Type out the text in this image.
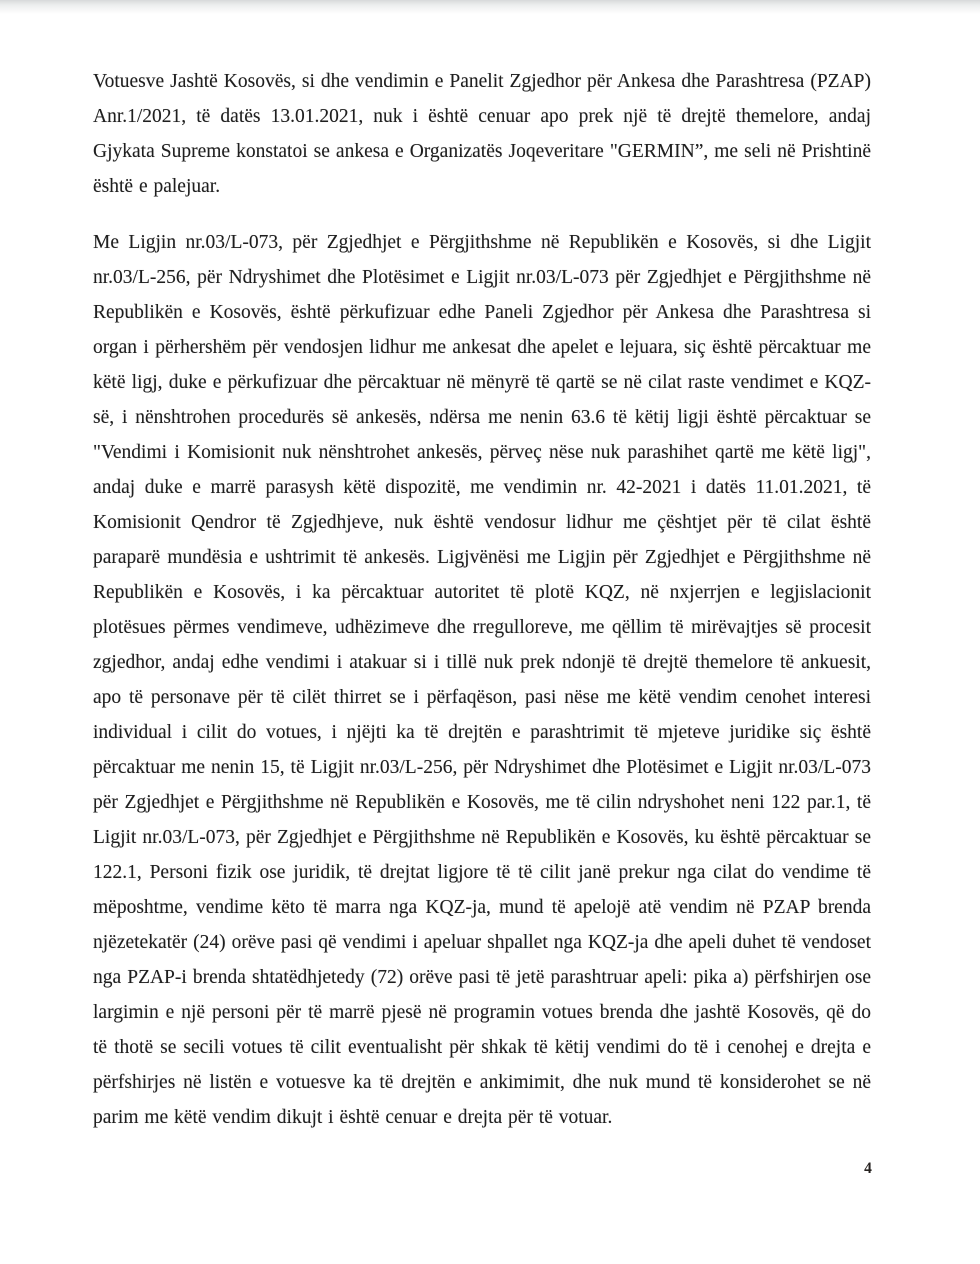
Votuesve Jashtë Kosovës, si dhe vendimin e Panelit Zgjedhor për Ankesa dhe Parashtresa (PZAP) Anr.1/2021, të datës 13.01.2021, nuk i është cenuar apo prek një të drejtë themelore, andaj Gjykata Supreme konstatoi se ankesa e Organizatës Joqeveritare "GERMIN”, me seli në Prishtinë është e palejuar.

Me Ligjin nr.03/L-073, për Zgjedhjet e Përgjithshme në Republikën e Kosovës, si dhe Ligjit nr.03/L-256, për Ndryshimet dhe Plotësimet e Ligjit nr.03/L-073 për Zgjedhjet e Përgjithshme në Republikën e Kosovës, është përkufizuar edhe Paneli Zgjedhor për Ankesa dhe Parashtresa si organ i përhershëm për vendosjen lidhur me ankesat dhe apelet e lejuara, siç është përcaktuar me këtë ligj, duke e përkufizuar dhe përcaktuar në mënyrë të qartë se në cilat raste vendimet e KQZ-së, i nënshtrohen procedurës së ankesës, ndërsa me nenin 63.6 të këtij ligji është përcaktuar se "Vendimi i Komisionit nuk nënshtrohet ankesës, përveç nëse nuk parashihet qartë me këtë ligj", andaj duke e marrë parasysh këtë dispozitë, me vendimin nr. 42-2021 i datës 11.01.2021, të Komisionit Qendror të Zgjedhjeve, nuk është vendosur lidhur me çështjet për të cilat është paraparë mundësia e ushtrimit të ankesës. Ligjvënësi me Ligjin për Zgjedhjet e Përgjithshme në Republikën e Kosovës, i ka përcaktuar autoritet të plotë KQZ, në nxjerrjen e legjislacionit plotësues përmes vendimeve, udhëzimeve dhe rregulloreve, me qëllim të mirëvajtjes së procesit zgjedhor, andaj edhe vendimi i atakuar si i tillë nuk prek ndonjë të drejtë themelore të ankuesit, apo të personave për të cilët thirret se i përfaqëson, pasi nëse me këtë vendim cenohet interesi individual i cilit do votues, i njëjti ka të drejtën e parashtrimit të mjeteve juridike siç është përcaktuar me nenin 15, të Ligjit nr.03/L-256, për Ndryshimet dhe Plotësimet e Ligjit nr.03/L-073 për Zgjedhjet e Përgjithshme në Republikën e Kosovës, me të cilin ndryshohet neni 122 par.1, të Ligjit nr.03/L-073, për Zgjedhjet e Përgjithshme në Republikën e Kosovës, ku është përcaktuar se 122.1, Personi fizik ose juridik, të drejtat ligjore të të cilit janë prekur nga cilat do vendime të mëposhtme, vendime këto të marra nga KQZ-ja, mund të apelojë atë vendim në PZAP brenda njëzetekatër (24) orëve pasi që vendimi i apeluar shpallet nga KQZ-ja dhe apeli duhet të vendoset nga PZAP-i brenda shtatëdhjetedy (72) orëve pasi të jetë parashtruar apeli: pika a) përfshirjen ose largimin e një personi për të marrë pjesë në programin votues brenda dhe jashtë Kosovës, që do të thotë se secili votues të cilit eventualisht për shkak të këtij vendimi do të i cenohej e drejta e përfshirjes në listën e votuesve ka të drejtën e ankimimit, dhe nuk mund të konsiderohet se në parim me këtë vendim dikujt i është cenuar e drejta për të votuar.

4
